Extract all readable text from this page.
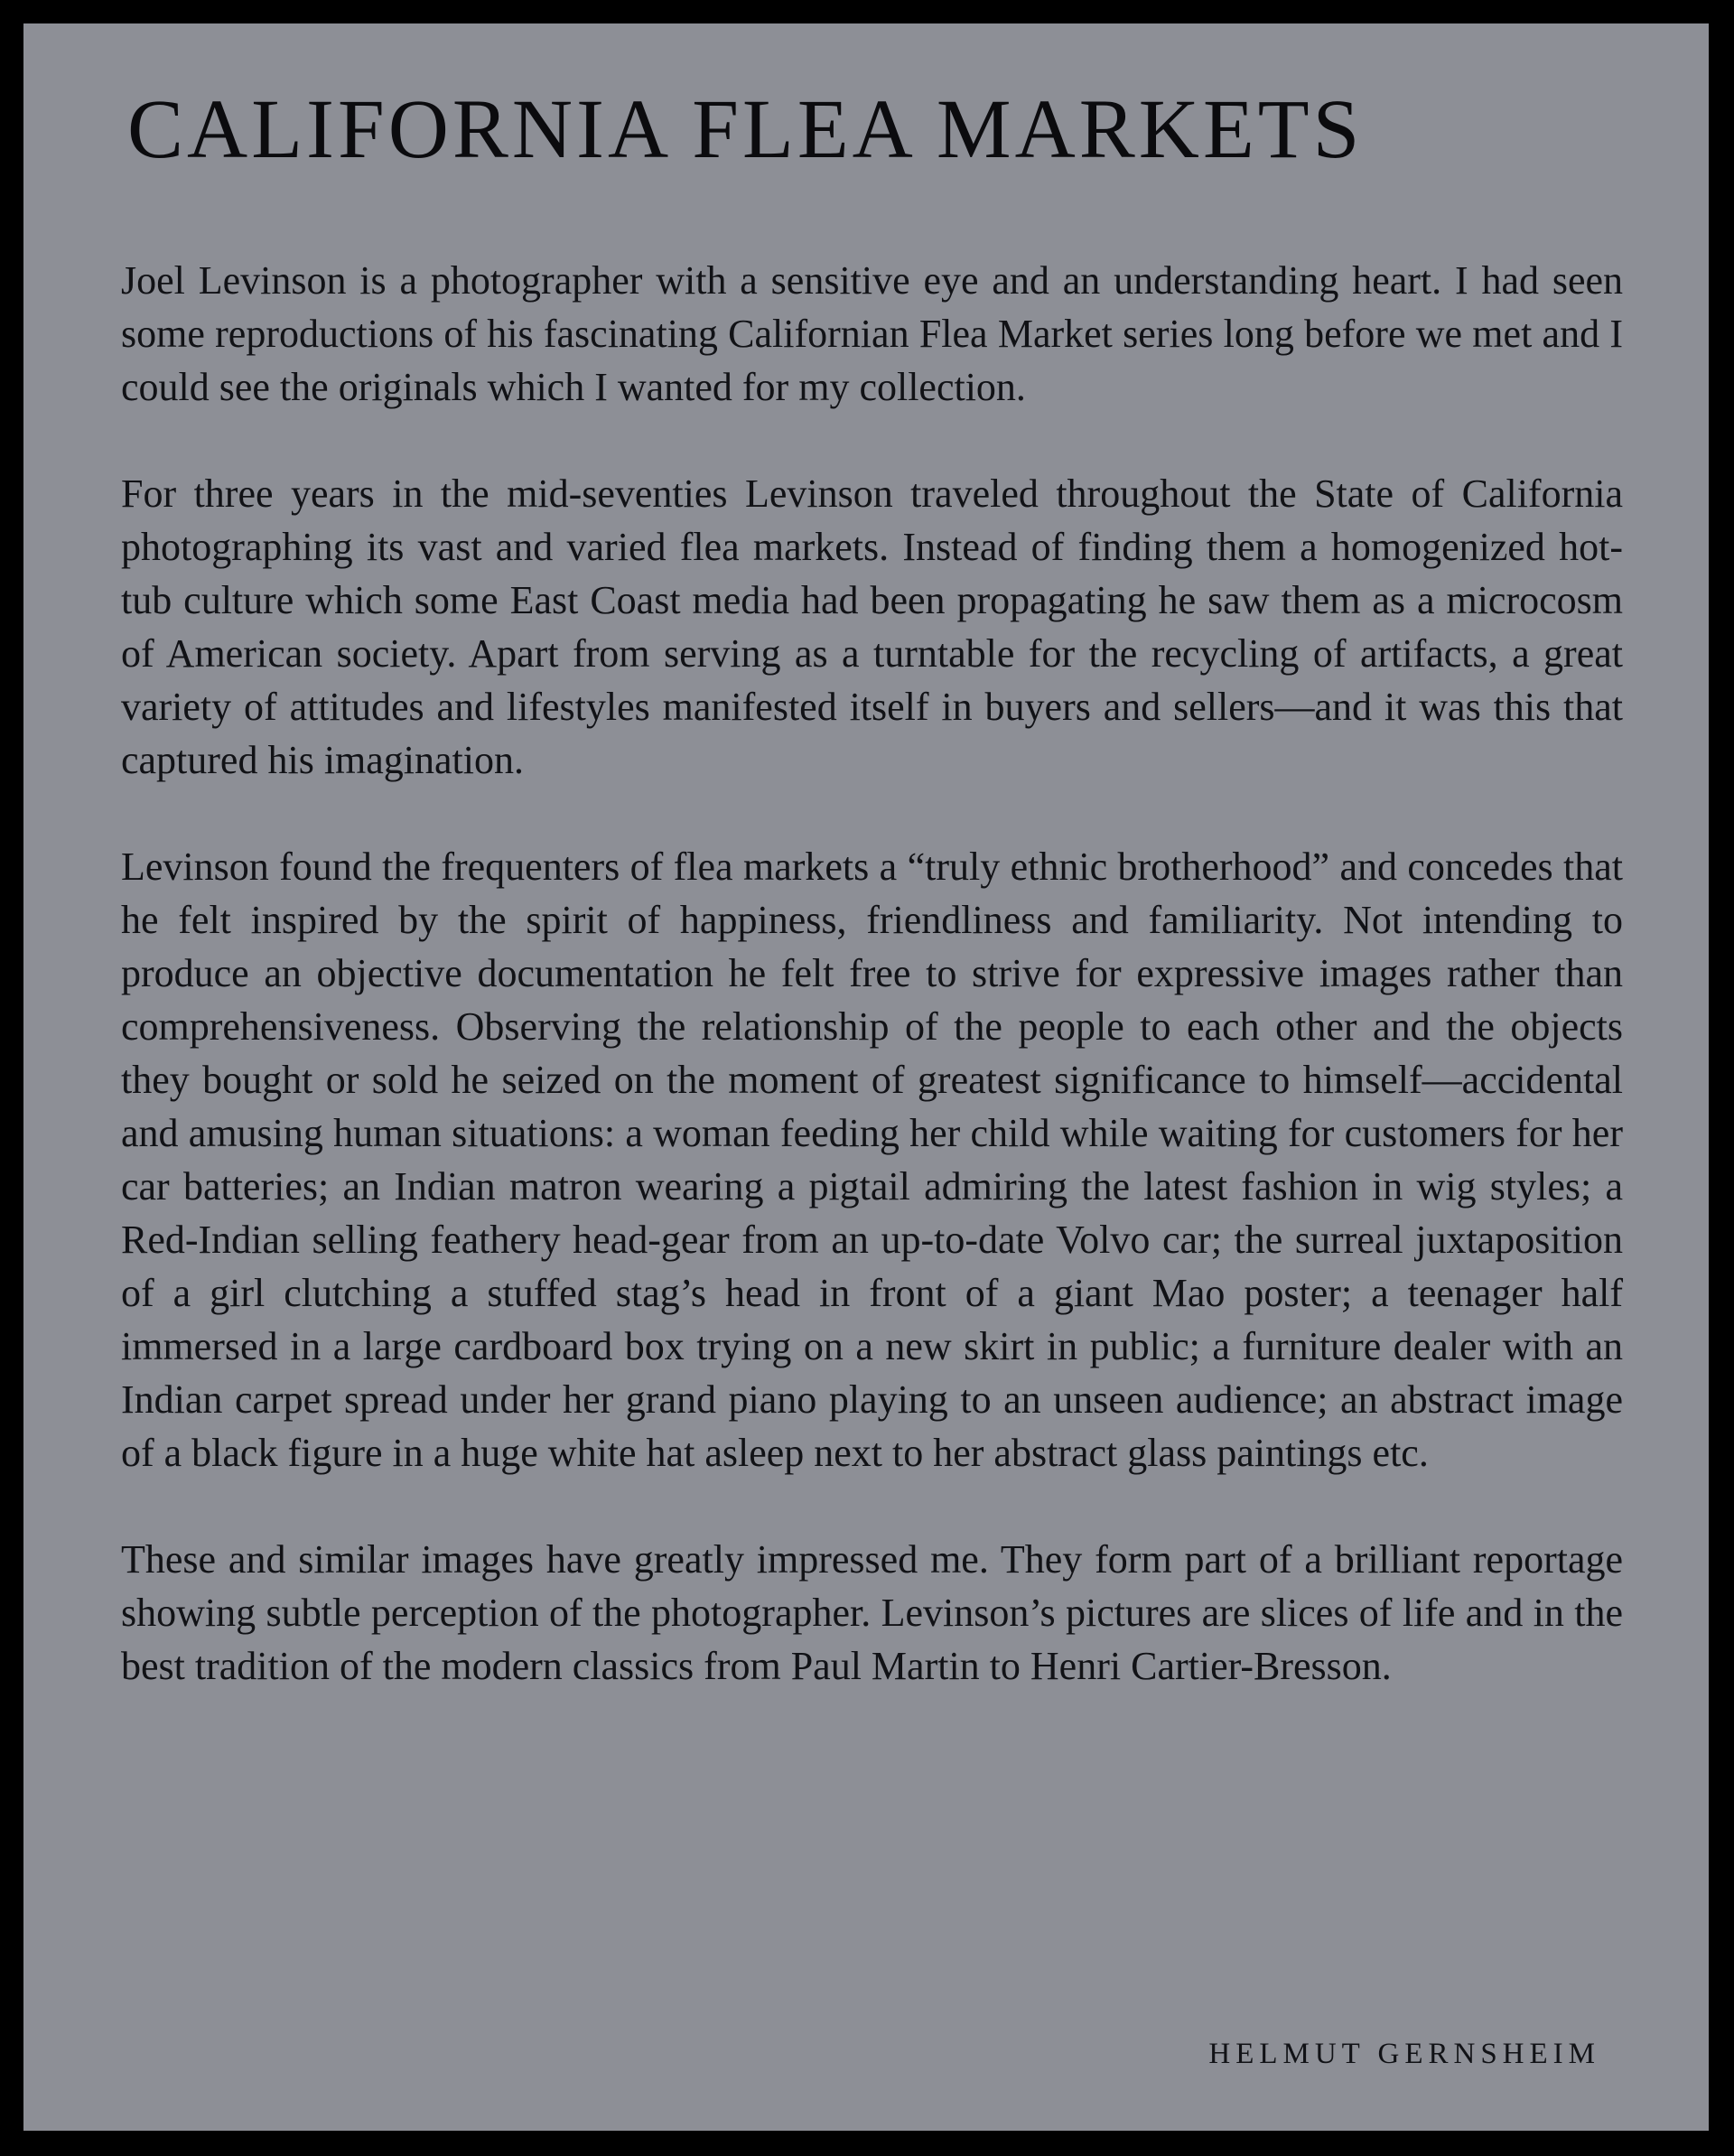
CALIFORNIA FLEA MARKETS

Joel Levinson is a photographer with a sensitive eye and an understanding heart. I had seen some reproductions of his fascinating Californian Flea Market series long before we met and I could see the originals which I wanted for my collection.

For three years in the mid-seventies Levinson traveled throughout the State of California photographing its vast and varied flea markets. Instead of finding them a homogenized hot-tub culture which some East Coast media had been propagating he saw them as a microcosm of American society. Apart from serving as a turntable for the recycling of artifacts, a great variety of attitudes and lifestyles manifested itself in buyers and sellers—and it was this that captured his imagination.

Levinson found the frequenters of flea markets a “truly ethnic brotherhood” and concedes that he felt inspired by the spirit of happiness, friendliness and familiarity. Not intending to produce an objective documentation he felt free to strive for expressive images rather than comprehensiveness. Observing the relationship of the people to each other and the objects they bought or sold he seized on the moment of greatest significance to himself—accidental and amusing human situations: a woman feeding her child while waiting for customers for her car batteries; an Indian matron wearing a pigtail admiring the latest fashion in wig styles; a Red-Indian selling feathery head-gear from an up-to-date Volvo car; the surreal juxtaposition of a girl clutching a stuffed stag’s head in front of a giant Mao poster; a teenager half immersed in a large cardboard box trying on a new skirt in public; a furniture dealer with an Indian carpet spread under her grand piano playing to an unseen audience; an abstract image of a black figure in a huge white hat asleep next to her abstract glass paintings etc.

These and similar images have greatly impressed me. They form part of a brilliant reportage showing subtle perception of the photographer. Levinson’s pictures are slices of life and in the best tradition of the modern classics from Paul Martin to Henri Cartier-Bresson.

HELMUT GERNSHEIM
